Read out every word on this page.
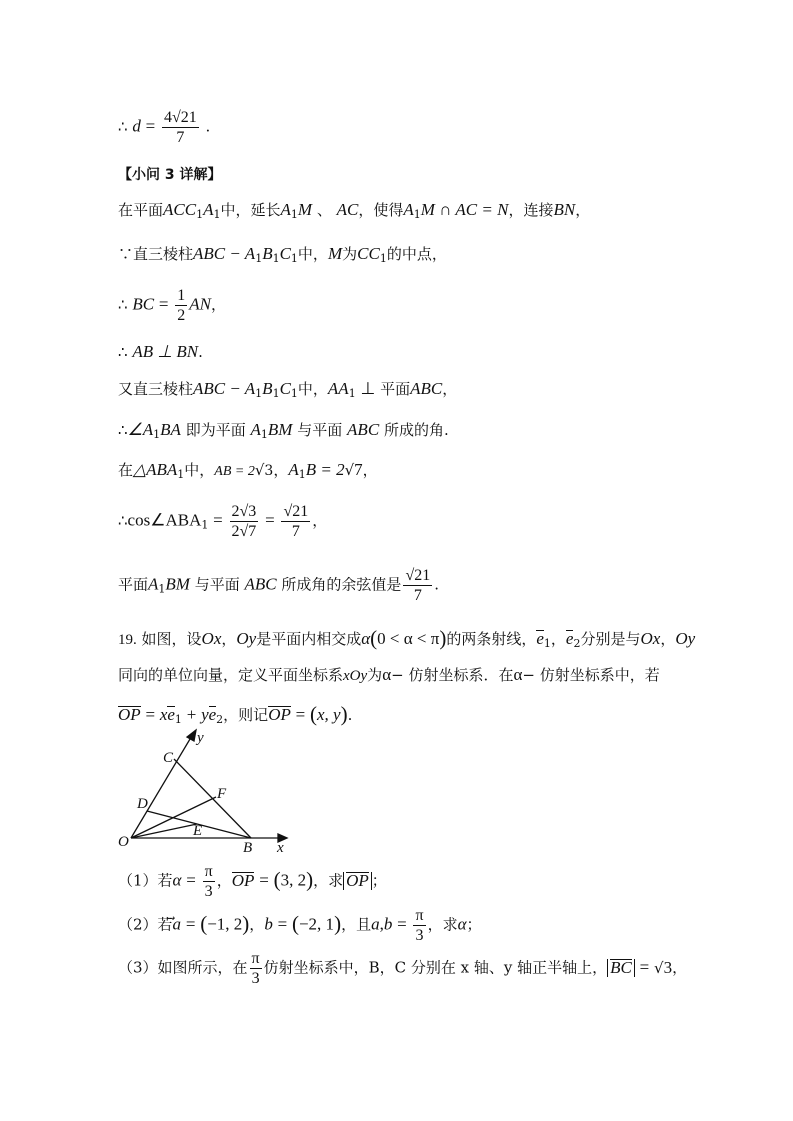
∴ $d = \frac{4√21}{7}$ .
【小问 3 详解】
在平面$ACC_1A_1$中，延长$A_1M$ 、 AC，使得$A_1M$ ∩ AC = N，连接BN，
∵直三棱柱ABC − $A_1B_1C_1$中，M为$CC_1$的中点，
∴ BC = $\frac{1}{2}$ AN，
∴ AB ⊥ BN.
又直三棱柱ABC − $A_1B_1C_1$中，$AA_1$ ⊥ 平面ABC，
$\therefore\angle A_1BA$ 即为平面 $A_1BM$ 与平面 ABC 所成的角.
在$\triangle ABA_1$中，AB = 2√3，$A_1B = 2√7$，
$\therefore\cos\angle ABA_1 = \frac{2√3}{2√7} = \frac{√21}{7}$ ，
平面$A_1BM$ 与平面 ABC 所成角的余弦值是 $\frac{√21}{7}$ .
19. 如图，设Ox，Oy是平面内相交成α(0 < α < π)的两条射线，$e_1$，$e_2$分别是与Ox，Oy
同向的单位向量，定义平面坐标系xOy为α− 仿射坐标系．在α− 仿射坐标系中，若
OP = $xe_1 + ye_2$，则记OP = (x, y).
y
C
F
D
E
O	B x
（1）若$\alpha = \frac{\pi}{3}$ ，OP = (3, 2)，求 OP ；
（2）若a = (−1, 2)，b = (−2, 1)，且$a,b = \frac{\pi}{3}$ ，求α；
（3）如图所示，在 $\frac{\pi}{3}$ 仿射坐标系中，B，C 分别在 x 轴、y 轴正半轴上， BC = √3，
